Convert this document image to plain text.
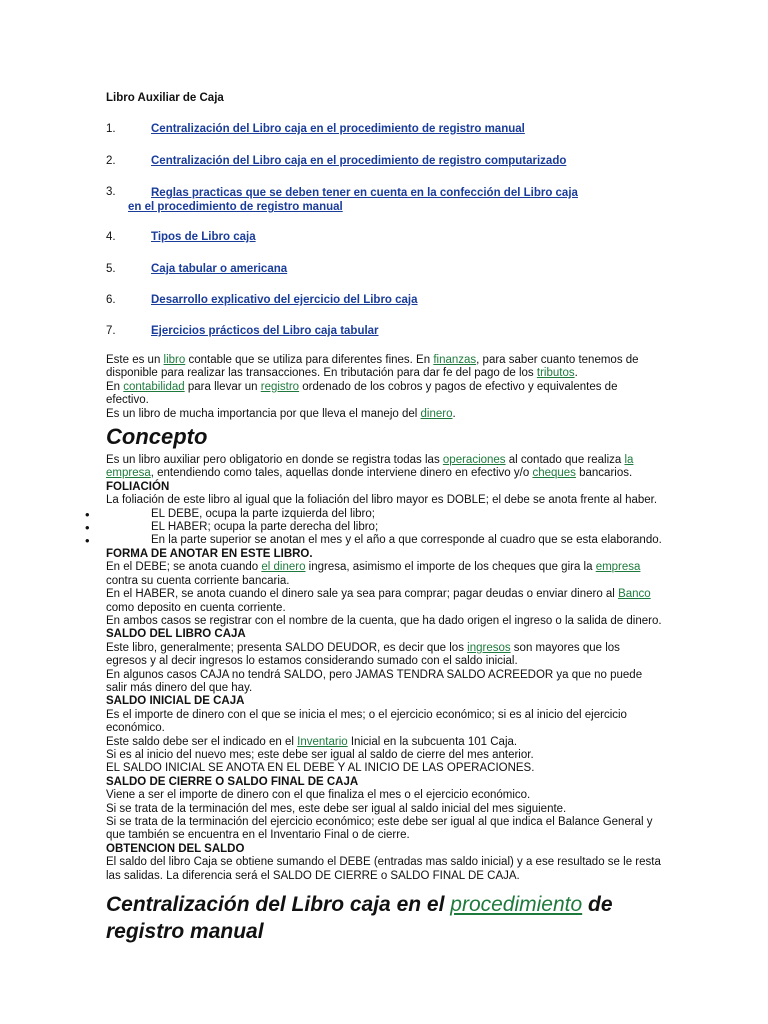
Libro Auxiliar de Caja
1.	Centralización del Libro caja en el procedimiento de registro manual
2.	Centralización del Libro caja en el procedimiento de registro computarizado
3.	Reglas practicas que se deben tener en cuenta en la confección del Libro caja en el procedimiento de registro manual
4.	Tipos de Libro caja
5.	Caja tabular o americana
6.	Desarrollo explicativo del ejercicio del Libro caja
7.	Ejercicios prácticos del Libro caja tabular

Este es un libro contable que se utiliza para diferentes fines. En finanzas, para saber cuanto tenemos de disponible para realizar las transacciones. En tributación para dar fe del pago de los tributos.

En contabilidad para llevar un registro ordenado de los cobros y pagos de efectivo y equivalentes de efectivo.

Es un libro de mucha importancia por que lleva el manejo del dinero.

Concepto

Es un libro auxiliar pero obligatorio en donde se registra todas las operaciones al contado que realiza la empresa, entendiendo como tales, aquellas donde interviene dinero en efectivo y/o cheques bancarios.

FOLIACIÓN

La foliación de este libro al igual que la foliación del libro mayor es DOBLE; el debe se anota frente al haber.

• EL DEBE, ocupa la parte izquierda del libro;
• EL HABER; ocupa la parte derecha del libro;
• En la parte superior se anotan el mes y el año a que corresponde al cuadro que se esta elaborando.
FORMA DE ANOTAR EN ESTE LIBRO.

En el DEBE; se anota cuando el dinero ingresa, asimismo el importe de los cheques que gira la empresa contra su cuenta corriente bancaria.

En el HABER, se anota cuando el dinero sale ya sea para comprar; pagar deudas o enviar dinero al Banco como deposito en cuenta corriente.

En ambos casos se registrar con el nombre de la cuenta, que ha dado origen el ingreso o la salida de dinero.

SALDO DEL LIBRO CAJA

Este libro, generalmente; presenta SALDO DEUDOR, es decir que los ingresos son mayores que los egresos y al decir ingresos lo estamos considerando sumado con el saldo inicial.

En algunos casos CAJA no tendrá SALDO, pero JAMAS TENDRA SALDO ACREEDOR ya que no puede salir más dinero del que hay.

SALDO INICIAL DE CAJA

Es el importe de dinero con el que se inicia el mes; o el ejercicio económico; si es al inicio del ejercicio económico.

Este saldo debe ser el indicado en el Inventario Inicial en la subcuenta 101 Caja.

Si es al inicio del nuevo mes; este debe ser igual al saldo de cierre del mes anterior.

EL SALDO INICIAL SE ANOTA EN EL DEBE Y AL INICIO DE LAS OPERACIONES.

SALDO DE CIERRE O SALDO FINAL DE CAJA

Viene a ser el importe de dinero con el que finaliza el mes o el ejercicio económico.

Si se trata de la terminación del mes, este debe ser igual al saldo inicial del mes siguiente.

Si se trata de la terminación del ejercicio económico; este debe ser igual al que indica el Balance General y que también se encuentra en el Inventario Final o de cierre.

OBTENCION DEL SALDO

El saldo del libro Caja se obtiene sumando el DEBE (entradas mas saldo inicial) y a ese resultado se le resta las salidas. La diferencia será el SALDO DE CIERRE o SALDO FINAL DE CAJA.

Centralización del Libro caja en el procedimiento de registro manual
